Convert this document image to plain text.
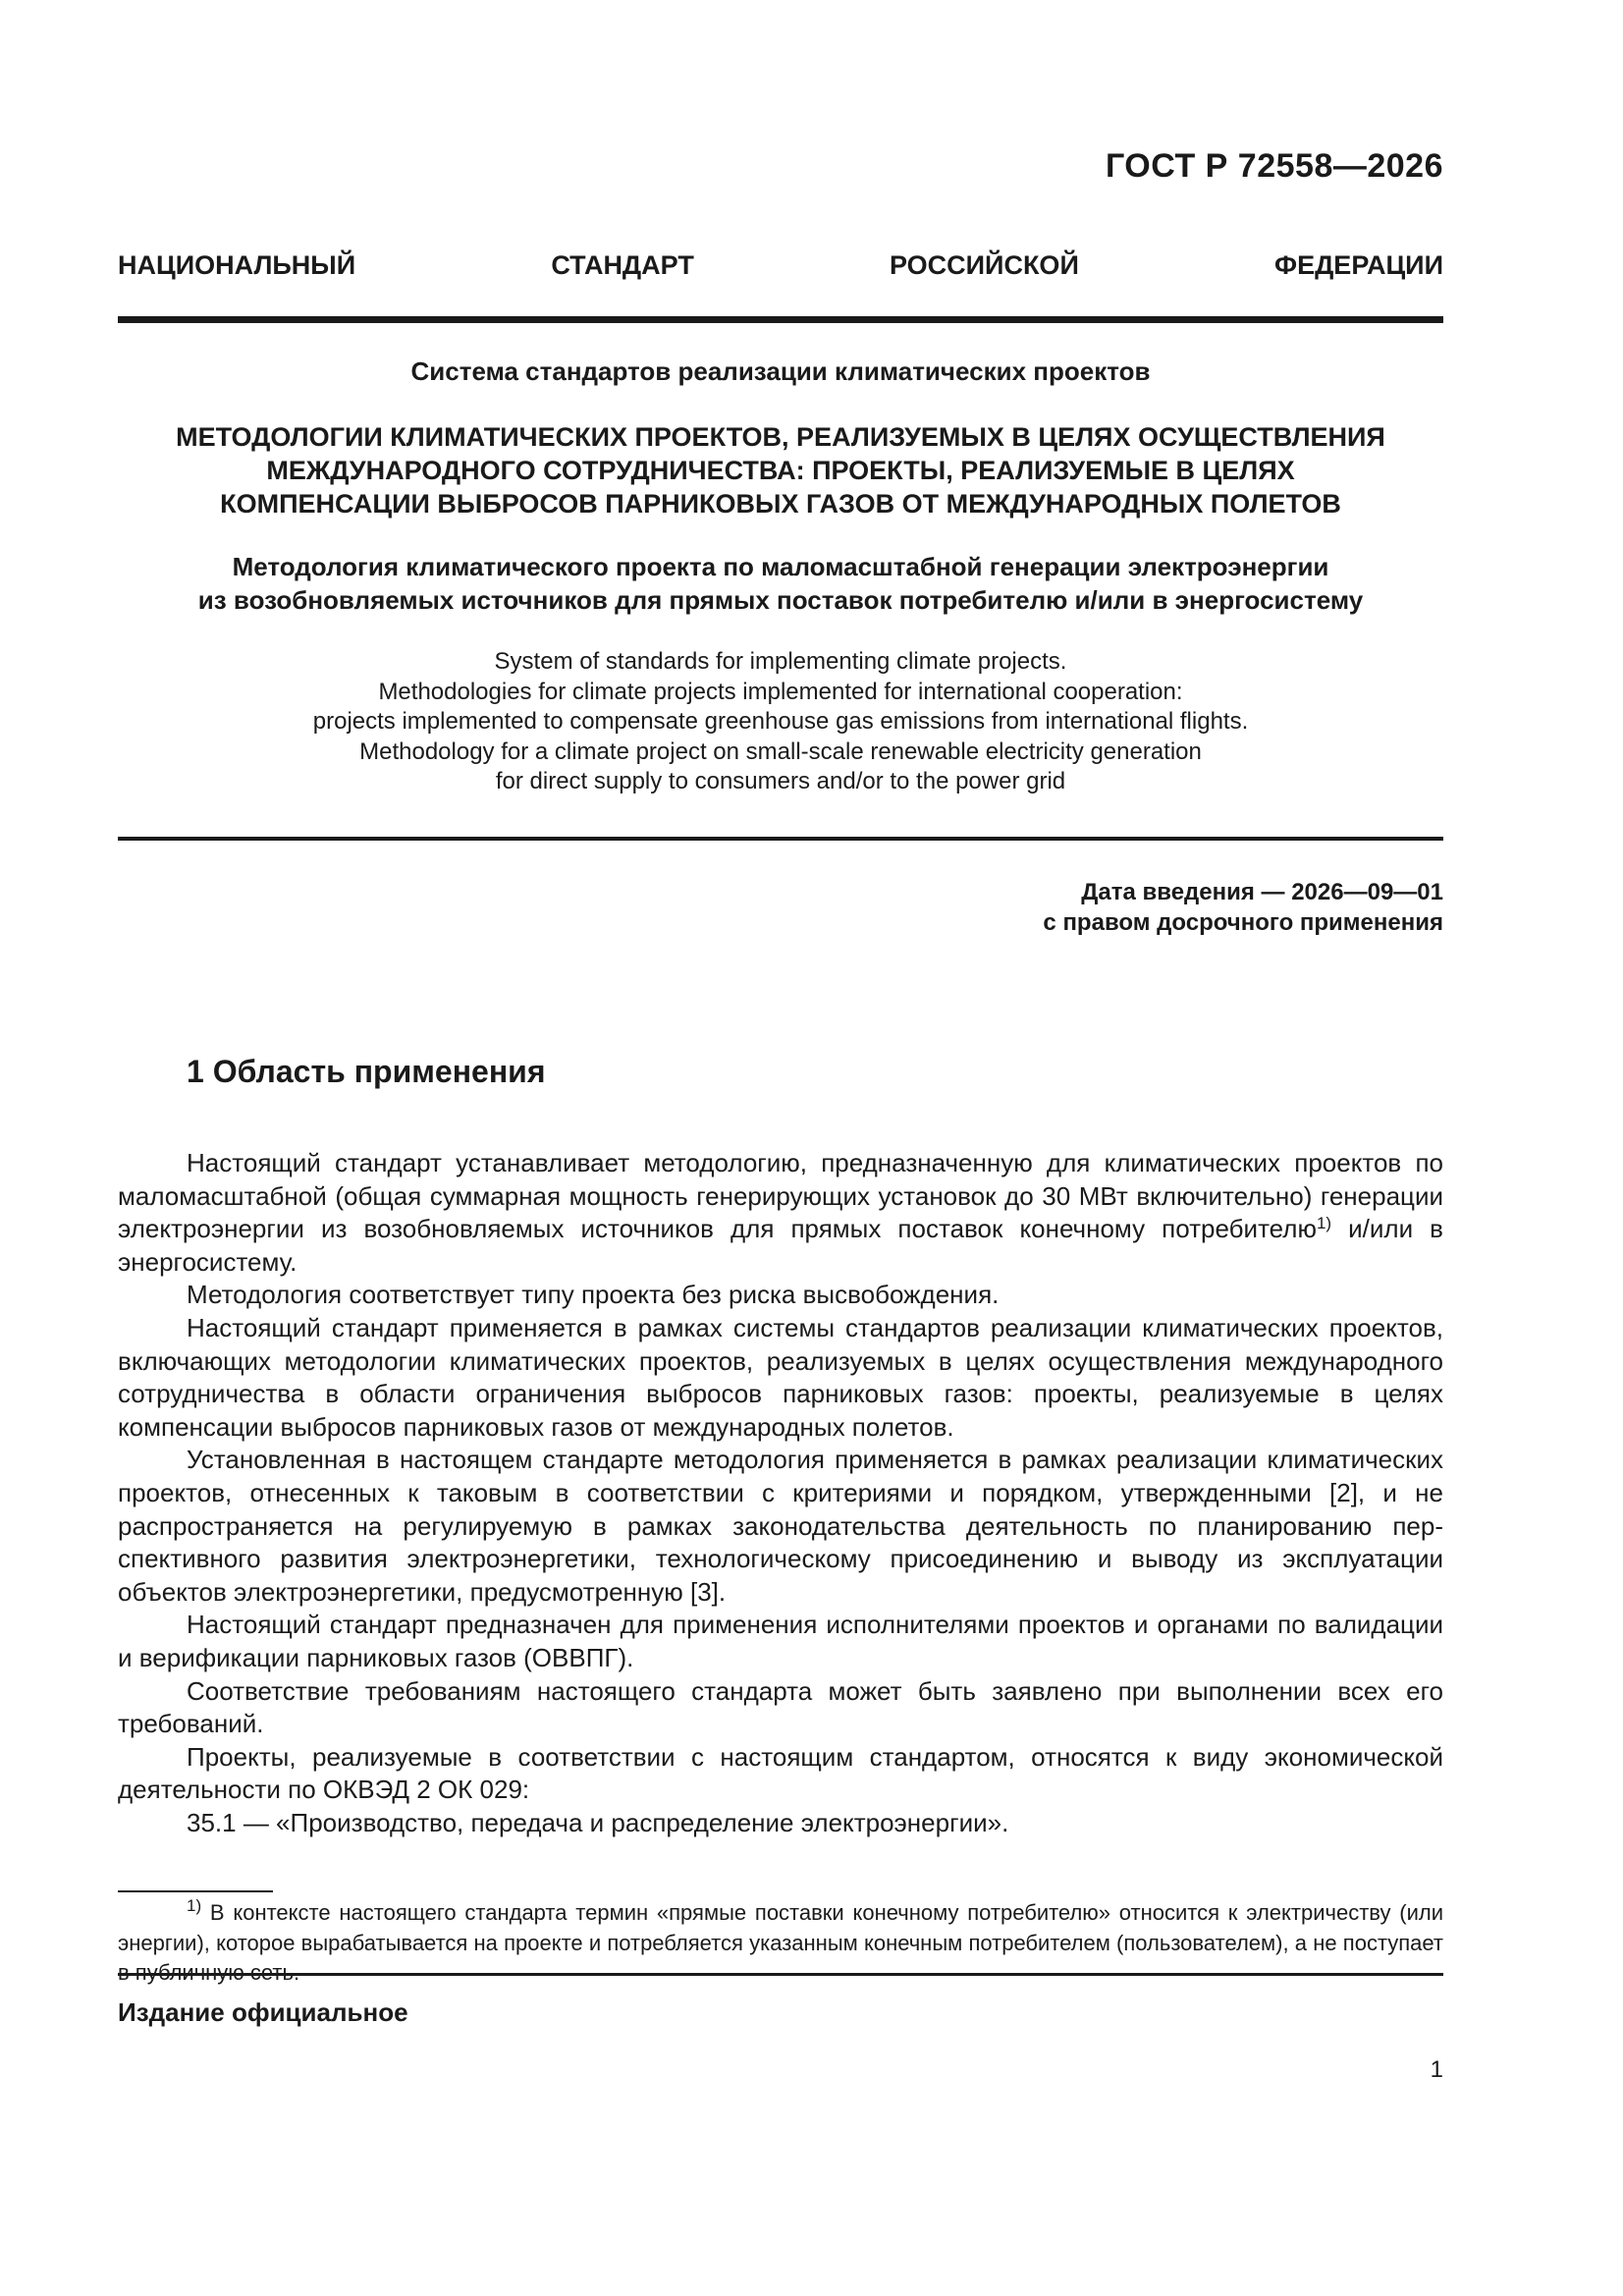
ГОСТ Р 72558—2026
НАЦИОНАЛЬНЫЙ СТАНДАРТ РОССИЙСКОЙ ФЕДЕРАЦИИ
Система стандартов реализации климатических проектов
МЕТОДОЛОГИИ КЛИМАТИЧЕСКИХ ПРОЕКТОВ, РЕАЛИЗУЕМЫХ В ЦЕЛЯХ ОСУЩЕСТВЛЕНИЯ
МЕЖДУНАРОДНОГО СОТРУДНИЧЕСТВА: ПРОЕКТЫ, РЕАЛИЗУЕМЫЕ В ЦЕЛЯХ
КОМПЕНСАЦИИ ВЫБРОСОВ ПАРНИКОВЫХ ГАЗОВ ОТ МЕЖДУНАРОДНЫХ ПОЛЕТОВ
Методология климатического проекта по маломасштабной генерации электроэнергии
из возобновляемых источников для прямых поставок потребителю и/или в энергосистему
System of standards for implementing climate projects.
Methodologies for climate projects implemented for international cooperation:
projects implemented to compensate greenhouse gas emissions from international flights.
Methodology for a climate project on small-scale renewable electricity generation
for direct supply to consumers and/or to the power grid
Дата введения — 2026—09—01
с правом досрочного применения
1 Область применения

Настоящий стандарт устанавливает методологию, предназначенную для климатических проектов по маломасштабной (общая суммарная мощность генерирующих установок до 30 МВт включительно) генерации электроэнергии из возобновляемых источников для прямых поставок конечному потребителю$^{1)}$ и/или в энергосистему.

Методология соответствует типу проекта без риска высвобождения.

Настоящий стандарт применяется в рамках системы стандартов реализации климатических проектов, включающих методологии климатических проектов, реализуемых в целях осуществления международного сотрудничества в области ограничения выбросов парниковых газов: проекты, реализуемые в целях компенсации выбросов парниковых газов от международных полетов.

Установленная в настоящем стандарте методология применяется в рамках реализации климатических проектов, отнесенных к таковым в соответствии с критериями и порядком, утвержденными [2], и не распространяется на регулируемую в рамках законодательства деятельность по планированию перспективного развития электроэнергетики, технологическому присоединению и выводу из эксплуатации объектов электроэнергетики, предусмотренную [3].

Настоящий стандарт предназначен для применения исполнителями проектов и органами по валидации и верификации парниковых газов (ОВВПГ).

Соответствие требованиям настоящего стандарта может быть заявлено при выполнении всех его требований.

Проекты, реализуемые в соответствии с настоящим стандартом, относятся к виду экономической деятельности по ОКВЭД 2 ОК 029:

35.1 — «Производство, передача и распределение электроэнергии».

$^{1)}$ В контексте настоящего стандарта термин «прямые поставки конечному потребителю» относится к электричеству (или энергии), которое вырабатывается на проекте и потребляется указанным конечным потребителем (пользователем), а не поступает

Издание официальное
1
